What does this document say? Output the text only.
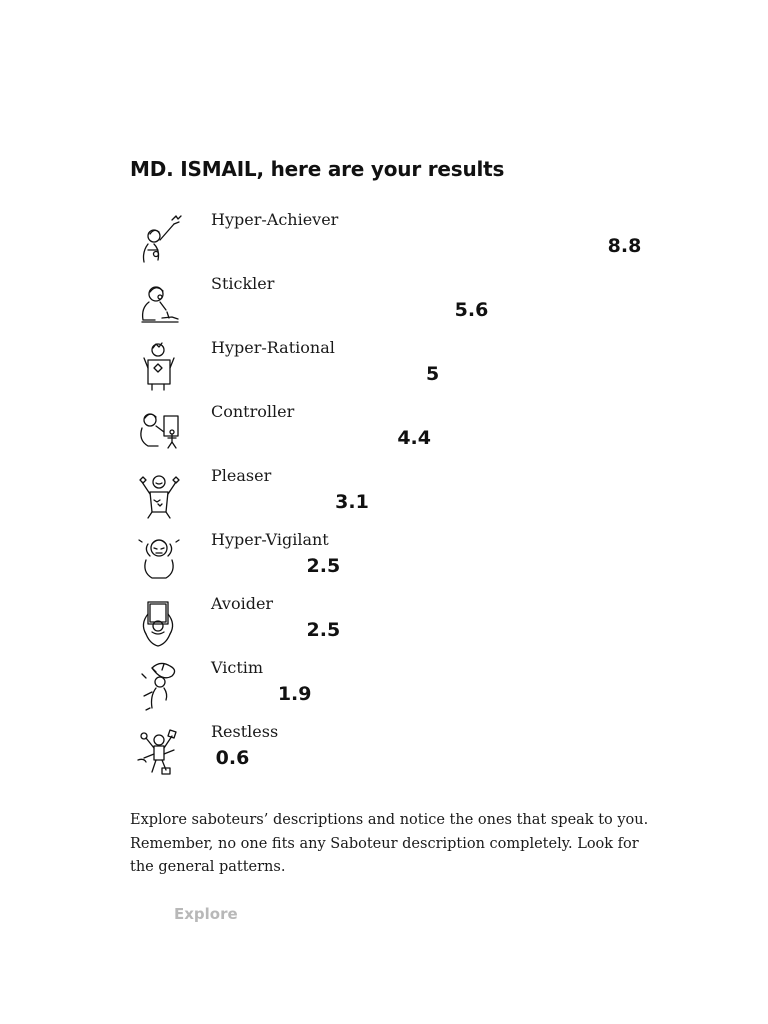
MD. ISMAIL, here are your results
Hyper-Achiever
8.8
Stickler
5.6
Hyper-Rational
5
Controller
4.4
Pleaser
3.1
Hyper-Vigilant
2.5
Avoider
2.5
Victim
1.9
Restless
0.6

Explore saboteurs’ descriptions and notice the ones that speak to you. Remember, no one fits any Saboteur description completely. Look for the general patterns.

Explore
